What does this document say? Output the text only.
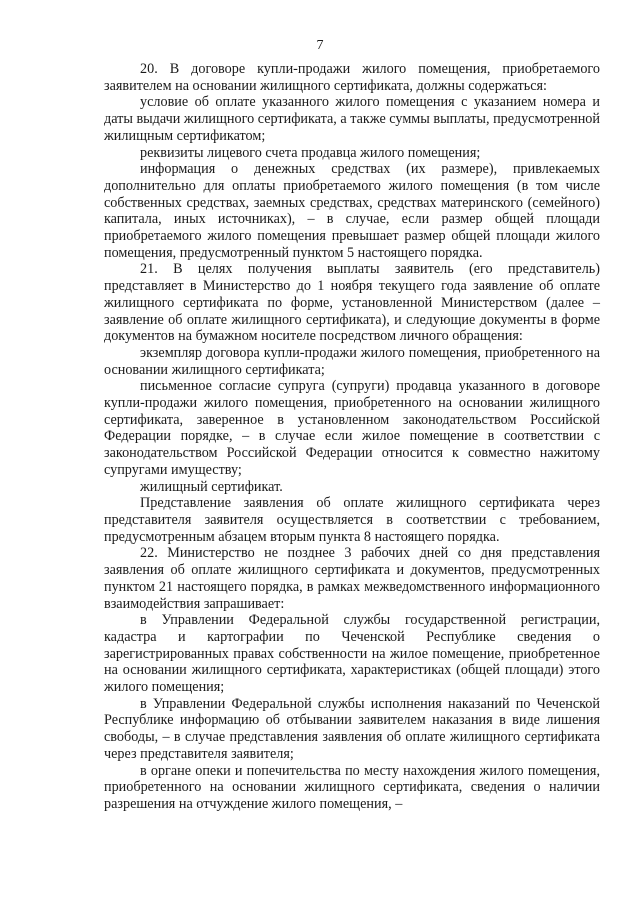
7

20. В договоре купли-продажи жилого помещения, приобретаемого заявителем на основании жилищного сертификата, должны содержаться:

условие об оплате указанного жилого помещения с указанием номера и даты выдачи жилищного сертификата, а также суммы выплаты, предусмотренной жилищным сертификатом;

реквизиты лицевого счета продавца жилого помещения;

информация о денежных средствах (их размере), привлекаемых дополнительно для оплаты приобретаемого жилого помещения (в том числе собственных средствах, заемных средствах, средствах материнского (семейного) капитала, иных источниках), – в случае, если размер общей площади приобретаемого жилого помещения превышает размер общей площади жилого помещения, предусмотренный пунктом 5 настоящего порядка.

21. В целях получения выплаты заявитель (его представитель) представляет в Министерство до 1 ноября текущего года заявление об оплате жилищного сертификата по форме, установленной Министерством (далее – заявление об оплате жилищного сертификата), и следующие документы в форме документов на бумажном носителе посредством личного обращения:

экземпляр договора купли-продажи жилого помещения, приобретенного на основании жилищного сертификата;

письменное согласие супруга (супруги) продавца указанного в договоре купли-продажи жилого помещения, приобретенного на основании жилищного сертификата, заверенное в установленном законодательством Российской Федерации порядке, – в случае если жилое помещение в соответствии с законодательством Российской Федерации относится к совместно нажитому супругами имуществу;

жилищный сертификат.

Представление заявления об оплате жилищного сертификата через представителя заявителя осуществляется в соответствии с требованием, предусмотренным абзацем вторым пункта 8 настоящего порядка.

22. Министерство не позднее 3 рабочих дней со дня представления заявления об оплате жилищного сертификата и документов, предусмотренных пунктом 21 настоящего порядка, в рамках межведомственного информационного взаимодействия запрашивает:

в Управлении Федеральной службы государственной регистрации, кадастра и картографии по Чеченской Республике сведения о зарегистрированных правах собственности на жилое помещение, приобретенное на основании жилищного сертификата, характеристиках (общей площади) этого жилого помещения;

в Управлении Федеральной службы исполнения наказаний по Чеченской Республике информацию об отбывании заявителем наказания в виде лишения свободы, – в случае представления заявления об оплате жилищного сертификата через представителя заявителя;

в органе опеки и попечительства по месту нахождения жилого помещения, приобретенного на основании жилищного сертификата, сведения о наличии разрешения на отчуждение жилого помещения, –
